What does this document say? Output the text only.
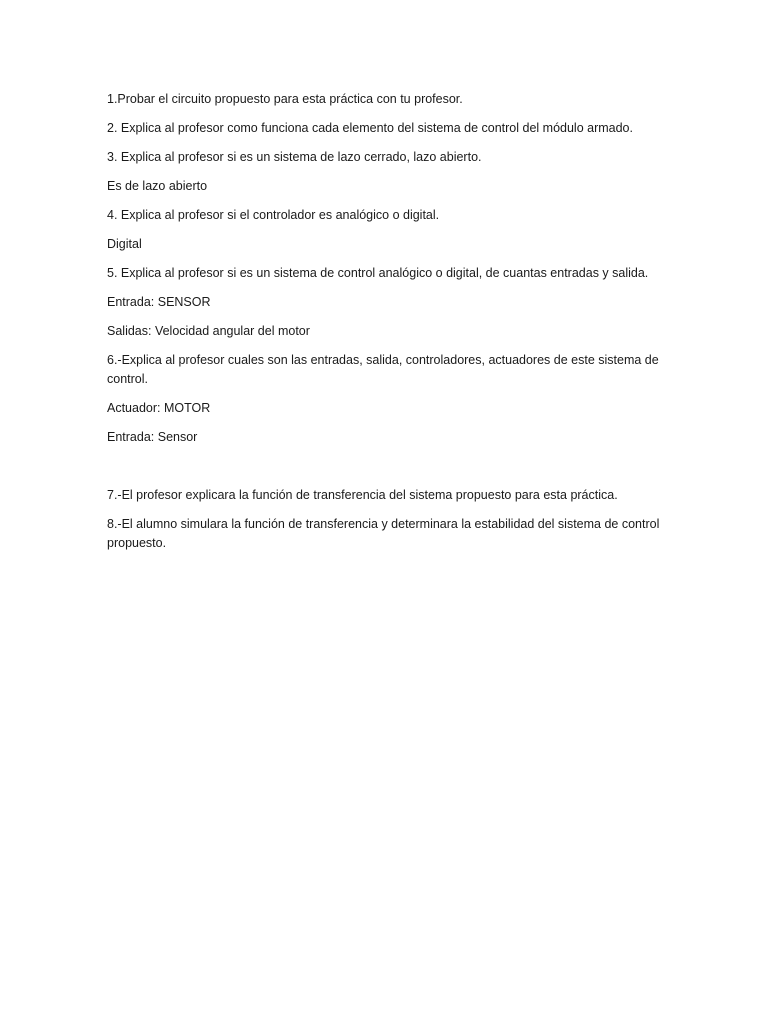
1.Probar el circuito propuesto para esta práctica con tu profesor.

2. Explica al profesor como funciona cada elemento del sistema de control del módulo armado.

3. Explica al profesor si es un sistema de lazo cerrado, lazo abierto.

Es de lazo abierto

4. Explica al profesor si el controlador es analógico o digital.

Digital

5. Explica al profesor si es un sistema de control analógico o digital, de cuantas entradas y salida.

Entrada: SENSOR

Salidas: Velocidad angular del motor

6.-Explica al profesor cuales son las entradas, salida, controladores, actuadores de este sistema de control.

Actuador: MOTOR

Entrada: Sensor

7.-El profesor explicara la función de transferencia del sistema propuesto para esta práctica.

8.-El alumno simulara la función de transferencia y determinara la estabilidad del sistema de control propuesto.
